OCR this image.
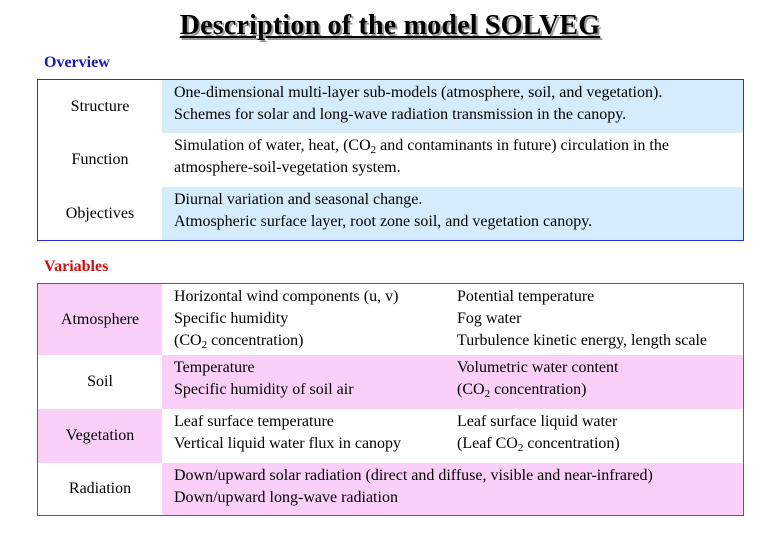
Description of the model SOLVEG
Overview
Structure
One-dimensional multi-layer sub-models (atmosphere, soil, and vegetation).
Schemes for solar and long-wave radiation transmission in the canopy.
Function
Simulation of water, heat, ($CO_2$ and contaminants in future) circulation in the
atmosphere-soil-vegetation system.
Objectives
Diurnal variation and seasonal change.
Atmospheric surface layer, root zone soil, and vegetation canopy.
Variables
Atmosphere
Horizontal wind components (u, v)
Specific humidity
($CO_2$ concentration)
Potential temperature
Fog water
Turbulence kinetic energy, length scale
Soil
Temperature
Specific humidity of soil air
Volumetric water content
($CO_2$ concentration)
Vegetation
Leaf surface temperature
Vertical liquid water flux in canopy
Leaf surface liquid water
(Leaf $CO_2$ concentration)
Radiation
Down/upward solar radiation (direct and diffuse, visible and near-infrared)
Down/upward long-wave radiation
